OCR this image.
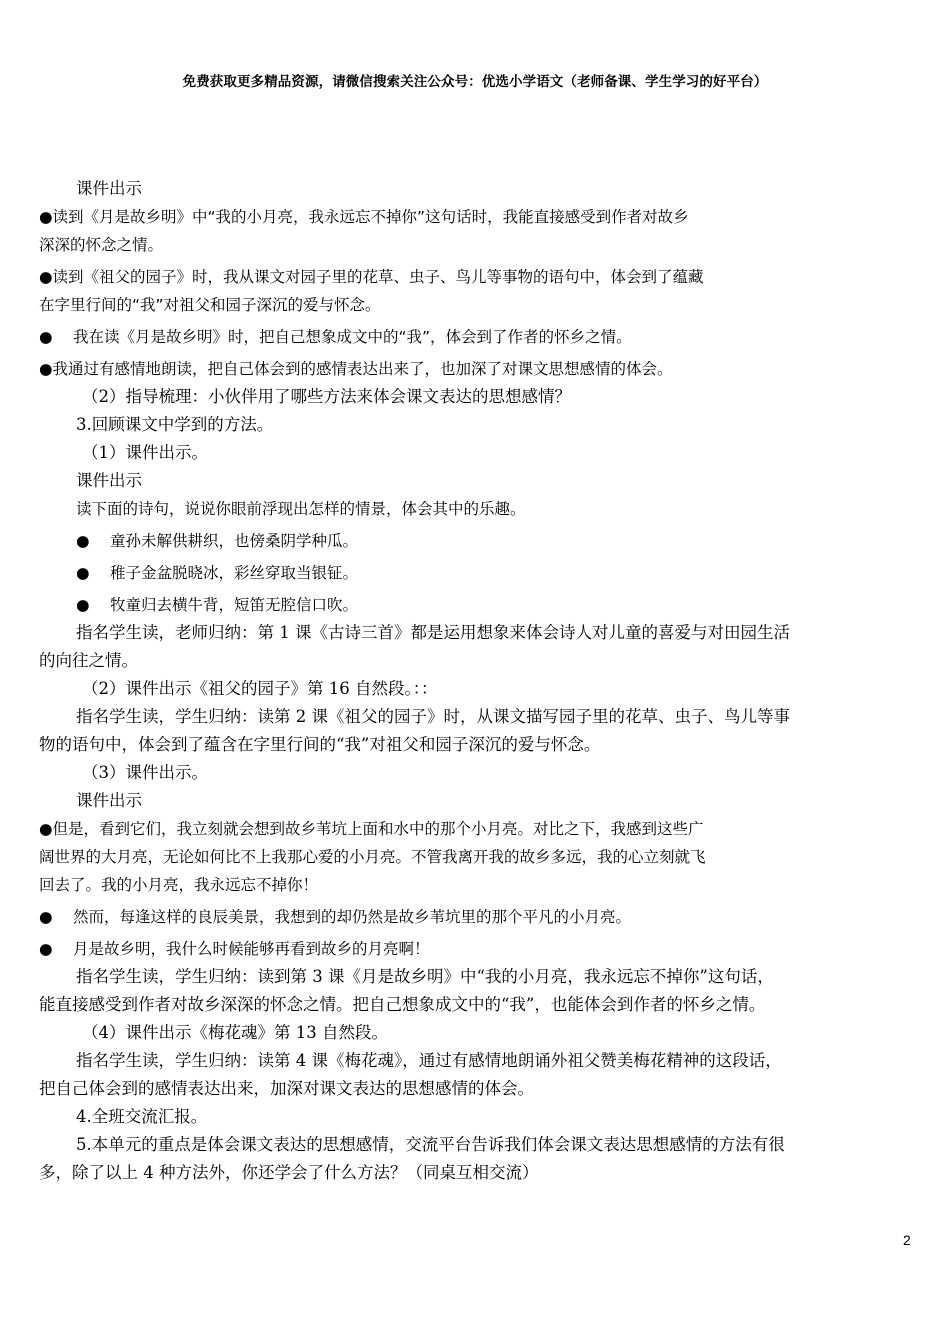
免费获取更多精品资源，请微信搜索关注公众号：优选小学语文（老师备课、学生学习的好平台）
课件出示
●读到《月是故乡明》中“我的小月亮，我永远忘不掉你”这句话时，我能直接感受到作者对故乡
深深的怀念之情。
●读到《祖父的园子》时，我从课文对园子里的花草、虫子、鸟儿等事物的语句中，体会到了蕴藏
在字里行间的“我”对祖父和园子深沉的爱与怀念。
● 我在读《月是故乡明》时，把自己想象成文中的“我”，体会到了作者的怀乡之情。
●我通过有感情地朗读，把自己体会到的感情表达出来了，也加深了对课文思想感情的体会。
（2）指导梳理：小伙伴用了哪些方法来体会课文表达的思想感情？
3.回顾课文中学到的方法。
（1）课件出示。
课件出示
读下面的诗句，说说你眼前浮现出怎样的情景，体会其中的乐趣。
● 童孙未解供耕织，也傍桑阴学种瓜。
● 稚子金盆脱晓冰，彩丝穿取当银钲。
● 牧童归去横牛背，短笛无腔信口吹。
指名学生读，老师归纳：第 1 课《古诗三首》都是运用想象来体会诗人对儿童的喜爱与对田园生活
的向往之情。
（2）课件出示《祖父的园子》第 16 自然段。：：
指名学生读，学生归纳：读第 2 课《祖父的园子》时，从课文描写园子里的花草、虫子、鸟儿等事
物的语句中，体会到了蕴含在字里行间的“我”对祖父和园子深沉的爱与怀念。
（3）课件出示。
课件出示
●但是，看到它们，我立刻就会想到故乡苇坑上面和水中的那个小月亮。对比之下，我感到这些广
阔世界的大月亮，无论如何比不上我那心爱的小月亮。不管我离开我的故乡多远，我的心立刻就飞
回去了。我的小月亮，我永远忘不掉你！
● 然而，每逢这样的良辰美景，我想到的却仍然是故乡苇坑里的那个平凡的小月亮。
● 月是故乡明，我什么时候能够再看到故乡的月亮啊！
指名学生读，学生归纳：读到第 3 课《月是故乡明》中“我的小月亮，我永远忘不掉你”这句话，
能直接感受到作者对故乡深深的怀念之情。把自己想象成文中的“我”，也能体会到作者的怀乡之情。
（4）课件出示《梅花魂》第 13 自然段。
指名学生读，学生归纳：读第 4 课《梅花魂》，通过有感情地朗诵外祖父赞美梅花精神的这段话，
把自己体会到的感情表达出来，加深对课文表达的思想感情的体会。
4.全班交流汇报。
5.本单元的重点是体会课文表达的思想感情，交流平台告诉我们体会课文表达思想感情的方法有很
多，除了以上 4 种方法外，你还学会了什么方法？（同桌互相交流）
2
